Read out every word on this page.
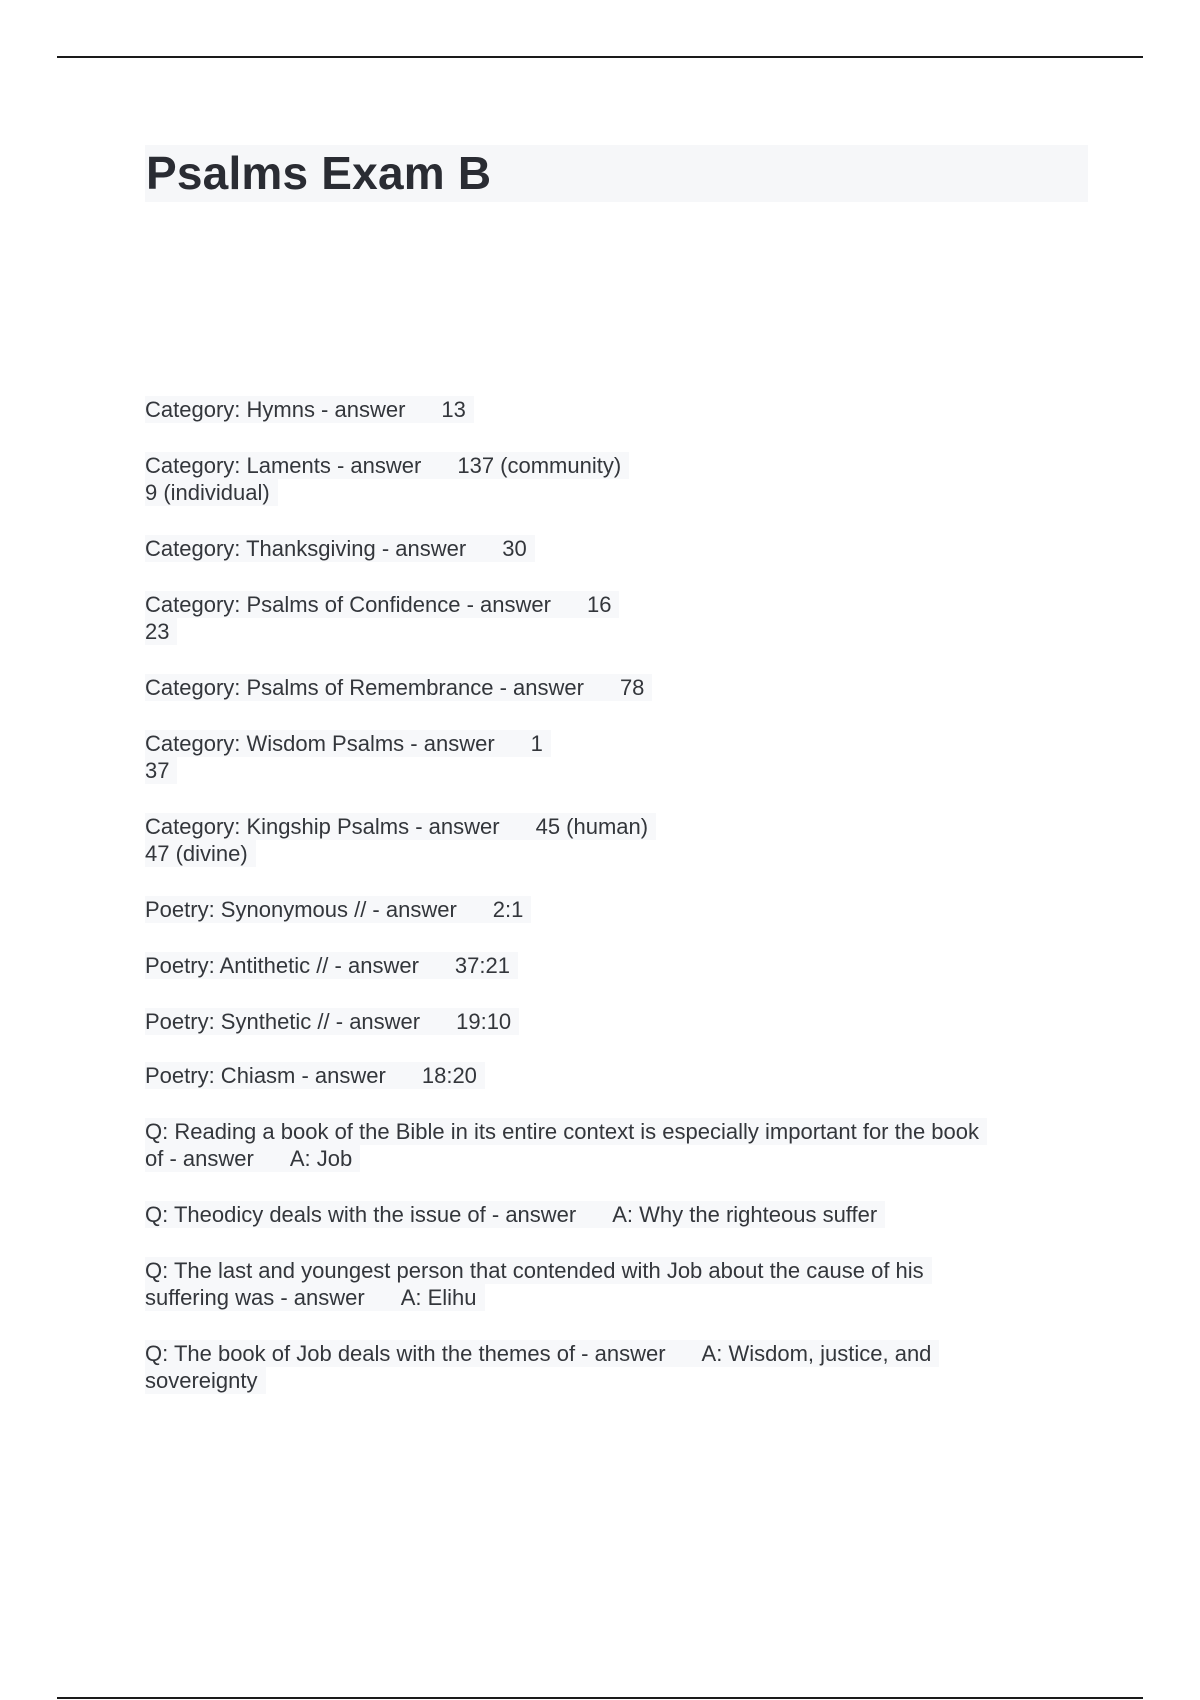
Psalms Exam B
Category: Hymns - answer 13
Category: Laments - answer 137 (community)
9 (individual)
Category: Thanksgiving - answer 30
Category: Psalms of Confidence - answer 16
23
Category: Psalms of Remembrance - answer 78
Category: Wisdom Psalms - answer 1
37
Category: Kingship Psalms - answer 45 (human)
47 (divine)
Poetry: Synonymous // - answer 2:1
Poetry: Antithetic // - answer 37:21
Poetry: Synthetic // - answer 19:10
Poetry: Chiasm - answer 18:20
Q: Reading a book of the Bible in its entire context is especially important for the book
of - answer A: Job
Q: Theodicy deals with the issue of - answer A: Why the righteous suffer
Q: The last and youngest person that contended with Job about the cause of his
suffering was - answer A: Elihu
Q: The book of Job deals with the themes of - answer A: Wisdom, justice, and
sovereignty
